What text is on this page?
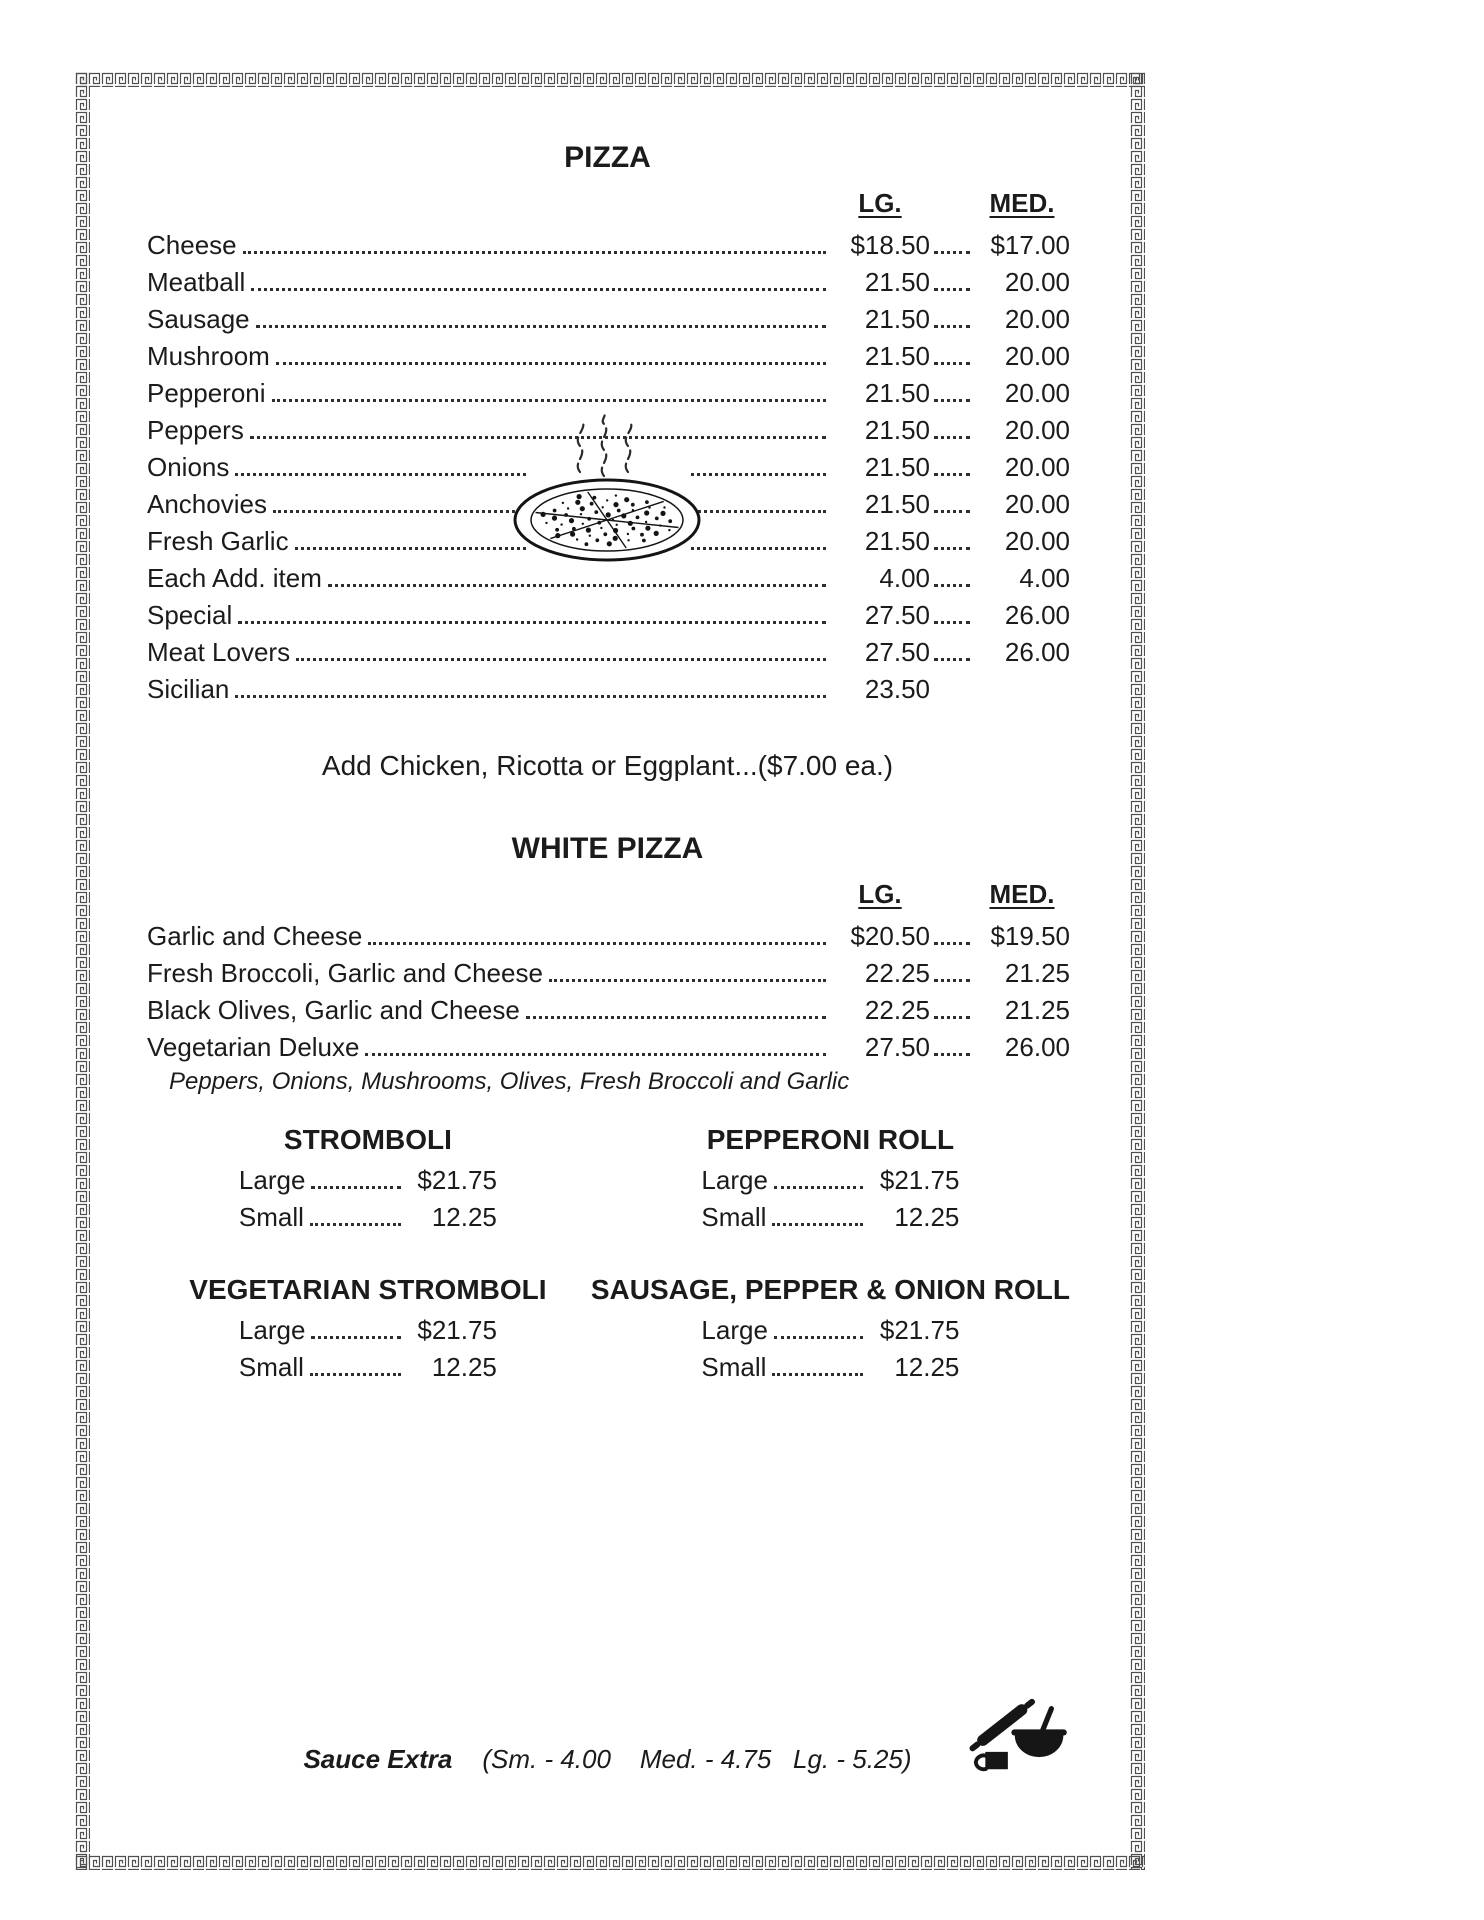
PIZZA
LG.	MED.
Cheese	$18.50	$17.00
Meatball	21.50	20.00
Sausage	21.50	20.00
Mushroom	21.50	20.00
Pepperoni	21.50	20.00
Peppers	21.50	20.00
Onions	21.50	20.00
Anchovies	21.50	20.00
Fresh Garlic	21.50	20.00
Each Add. item	4.00	4.00
Special	27.50	26.00
Meat Lovers	27.50	26.00
Sicilian	23.50

Add Chicken, Ricotta or Eggplant...($7.00 ea.)

WHITE PIZZA
LG.	MED.
Garlic and Cheese	$20.50	$19.50
Fresh Broccoli, Garlic and Cheese	22.25	21.25
Black Olives, Garlic and Cheese	22.25	21.25
Vegetarian Deluxe	27.50	26.00

Peppers, Onions, Mushrooms, Olives, Fresh Broccoli and Garlic

STROMBOLI
Large	$21.75
Small	12.25
PEPPERONI ROLL
Large	$21.75
Small	12.25
VEGETARIAN STROMBOLI
Large	$21.75
Small	12.25
SAUSAGE, PEPPER & ONION ROLL
Large	$21.75
Small	12.25
Sauce Extra (Sm. - 4.00    Med. - 4.75   Lg. - 5.25)
